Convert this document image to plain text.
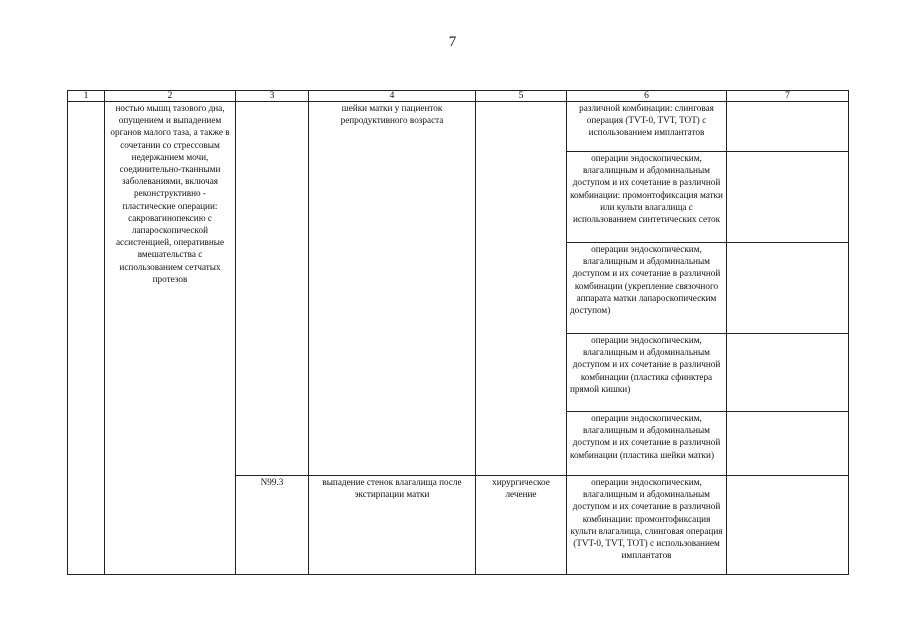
7
1	2	3	4	5	6	7
	ностью мышц тазового дна, опущением и выпадением органов малого таза, а также в сочетании со стрессовым недержанием мочи, соединительно-тканными заболеваниями, включая реконструктивно - пластические операции: сакровагинопексию с лапароскопической ассистенцией, оперативные вмешательства с использованием сетчатых протезов		шейки матки у пациенток репродуктивного возраста		различной комбинации: слинговая операция (TVT-0, TVT, TOT) с использованием имплантатов	
					операции эндоскопическим, влагалищным и абдоминальным доступом и их сочетание в различной комбинации: промонтофиксация матки или культи влагалища с использованием синтетических сеток	
					операции эндоскопическим, влагалищным и абдоминальным доступом и их сочетание в различной комбинации (укрепление связочного аппарата матки лапароскопическим доступом)	
					операции эндоскопическим, влагалищным и абдоминальным доступом и их сочетание в различной комбинации (пластика сфинктера прямой кишки)	
					операции эндоскопическим, влагалищным и абдоминальным доступом и их сочетание в различной комбинации (пластика шейки матки)	
		N99.3	выпадение стенок влагалища после экстирпации матки	хирургическое лечение	операции эндоскопическим, влагалищным и абдоминальным доступом и их сочетание в различной комбинации: промонтофиксация культи влагалища, слинговая операция (TVT-0, TVT, TOT) с использованием имплантатов	
